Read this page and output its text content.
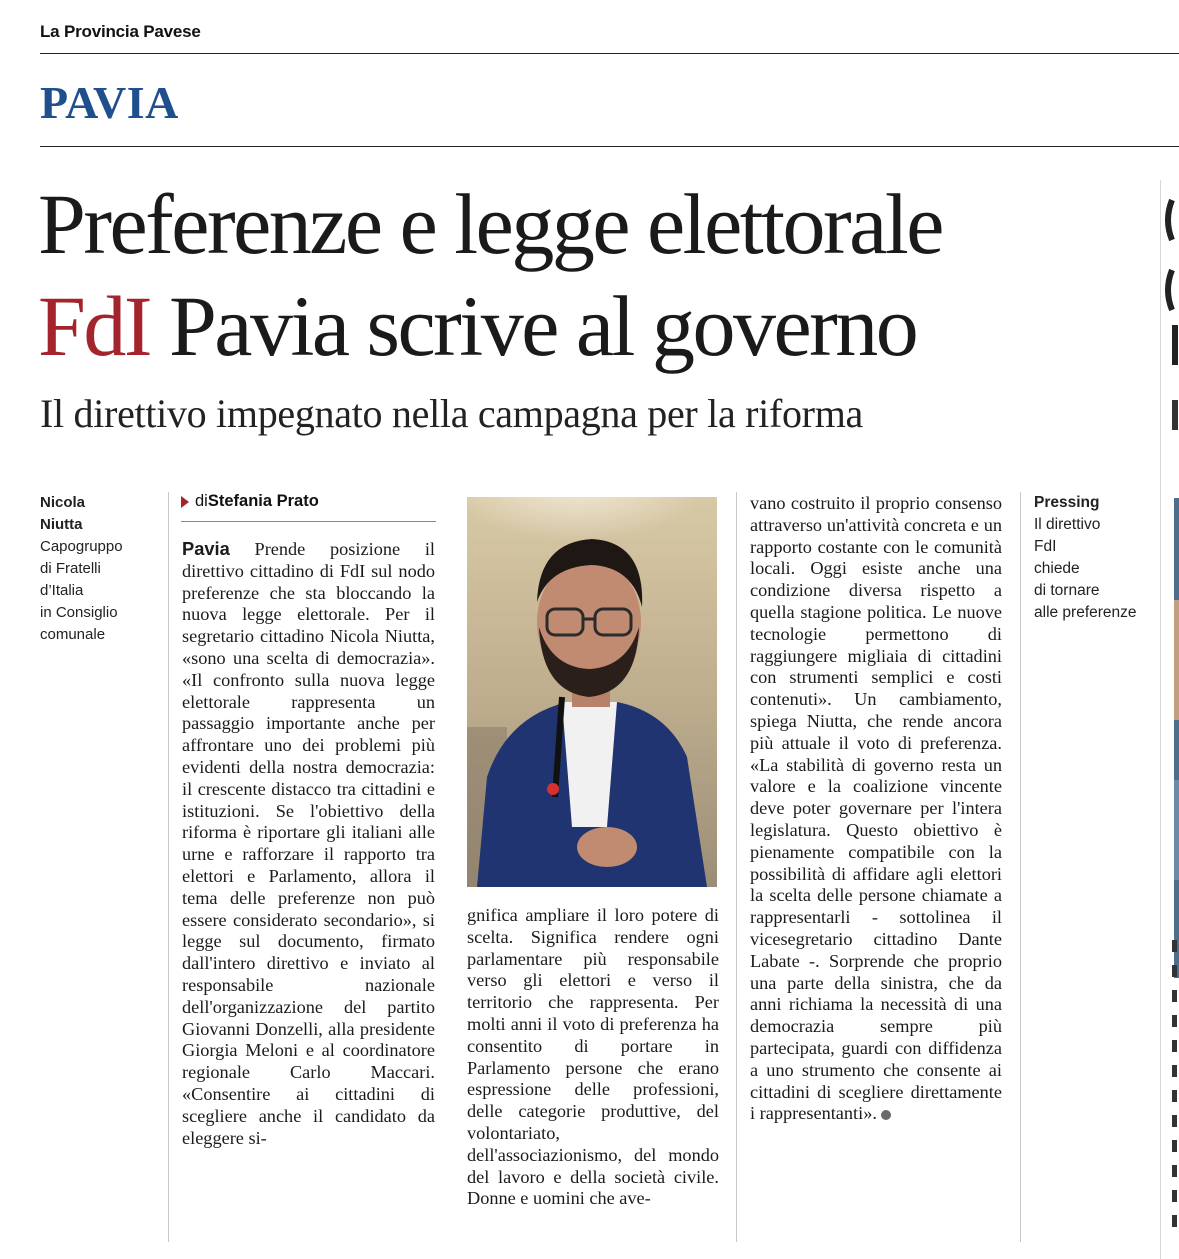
La Provincia Pavese
PAVIA
Preferenze e legge elettorale
FdI Pavia scrive al governo
Il direttivo impegnato nella campagna per la riforma
Nicola
Niutta
Capogruppo
di Fratelli
d’Italia
in Consiglio
comunale
diStefania Prato
Pavia Prende posizione il direttivo cittadino di FdI sul nodo preferenze che sta bloccando la nuova legge elettorale. Per il segretario cittadino Nicola Niutta, «sono una scelta di democrazia». «Il confronto sulla nuova legge elettorale rappresenta un passaggio importante anche per affrontare uno dei problemi più evidenti della nostra democrazia: il crescente distacco tra cittadini e istituzioni. Se l'obiettivo della riforma è riportare gli italiani alle urne e rafforzare il rapporto tra elettori e Parlamento, allora il tema delle preferenze non può essere considerato secondario», si legge sul documento, firmato dall'intero direttivo e inviato al responsabile nazionale dell'organizzazione del partito Giovanni Donzelli, alla presidente Giorgia Meloni e al coordinatore regionale Carlo Maccari. «Consentire ai cittadini di scegliere anche il candidato da eleggere si-
gnifica ampliare il loro potere di scelta. Significa rendere ogni parlamentare più responsabile verso gli elettori e verso il territorio che rappresenta. Per molti anni il voto di preferenza ha consentito di portare in Parlamento persone che erano espressione delle professioni, delle categorie produttive, del volontariato, dell'associazionismo, del mondo del lavoro e della società civile. Donne e uomini che ave-
vano costruito il proprio consenso attraverso un'attività concreta e un rapporto costante con le comunità locali. Oggi esiste anche una condizione diversa rispetto a quella stagione politica. Le nuove tecnologie permettono di raggiungere migliaia di cittadini con strumenti semplici e costi contenuti». Un cambiamento, spiega Niutta, che rende ancora più attuale il voto di preferenza. «La stabilità di governo resta un valore e la coalizione vincente deve poter governare per l'intera legislatura. Questo obiettivo è pienamente compatibile con la possibilità di affidare agli elettori la scelta delle persone chiamate a rappresentarli - sottolinea il vicesegretario cittadino Dante Labate -. Sorprende che proprio una parte della sinistra, che da anni richiama la necessità di una democrazia sempre più partecipata, guardi con diffidenza a uno strumento che consente ai cittadini di scegliere direttamente i rappresentanti».
Pressing
Il direttivo
FdI
chiede
di tornare
alle preferenze
